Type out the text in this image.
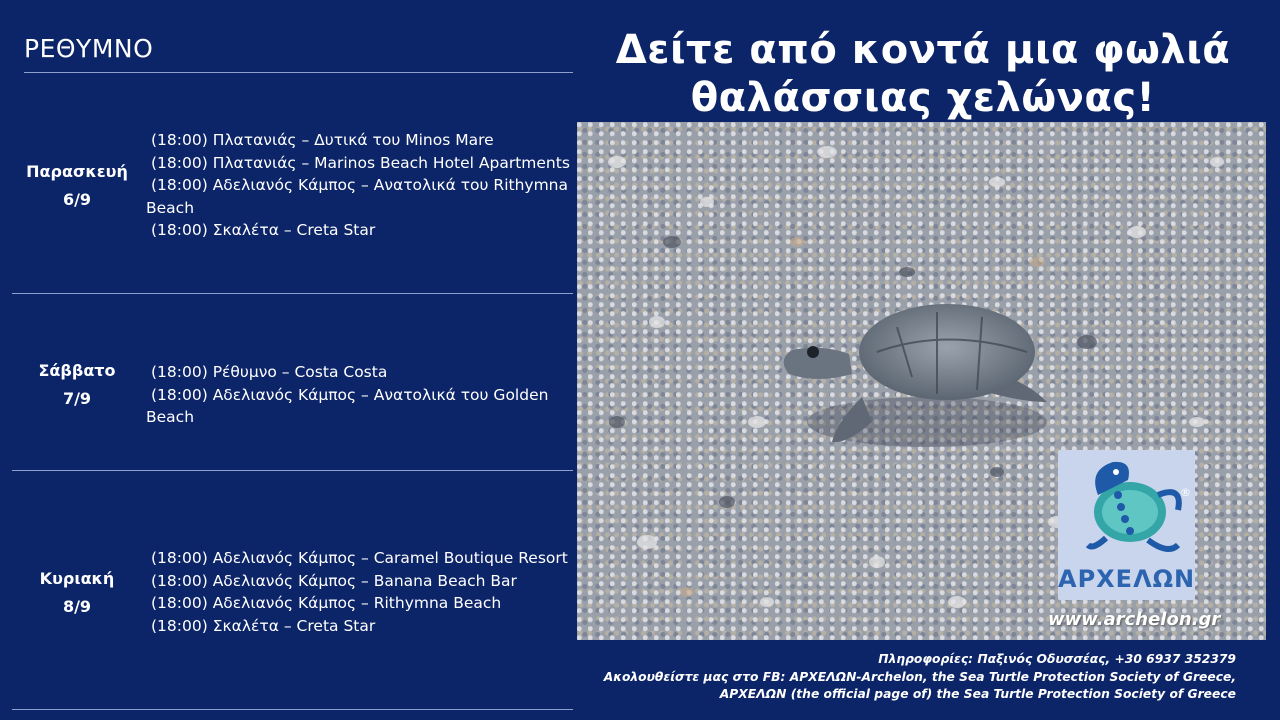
ΡΕΘΥΜΝΟ
Παρασκευή
6/9
(18:00) Πλατανιάς – Δυτικά του Minos Mare
(18:00) Πλατανιάς – Marinos Beach Hotel Apartments
(18:00) Αδελιανός Κάμπος – Ανατολικά του Rithymna Beach
(18:00) Σκαλέτα – Creta Star
Σάββατο
7/9
(18:00) Ρέθυμνο – Costa Costa
(18:00) Αδελιανός Κάμπος – Ανατολικά του Golden Beach
Κυριακή
8/9
(18:00) Αδελιανός Κάμπος – Caramel Boutique Resort
(18:00) Αδελιανός Κάμπος – Banana Beach Bar
(18:00) Αδελιανός Κάμπος – Rithymna Beach
(18:00) Σκαλέτα – Creta Star
Δείτε από κοντά μια φωλιά
θαλάσσιας χελώνας!
®
ΑΡΧΕΛΩΝ
www.archelon.gr
Πληροφορίες: Παξινός Οδυσσέας, +30 6937 352379
Ακολουθείστε μας στο FB: ΑΡΧΕΛΩΝ-Archelon, the Sea Turtle Protection Society of Greece,
ΑΡΧΕΛΩΝ (the official page of) the Sea Turtle Protection Society of Greece
